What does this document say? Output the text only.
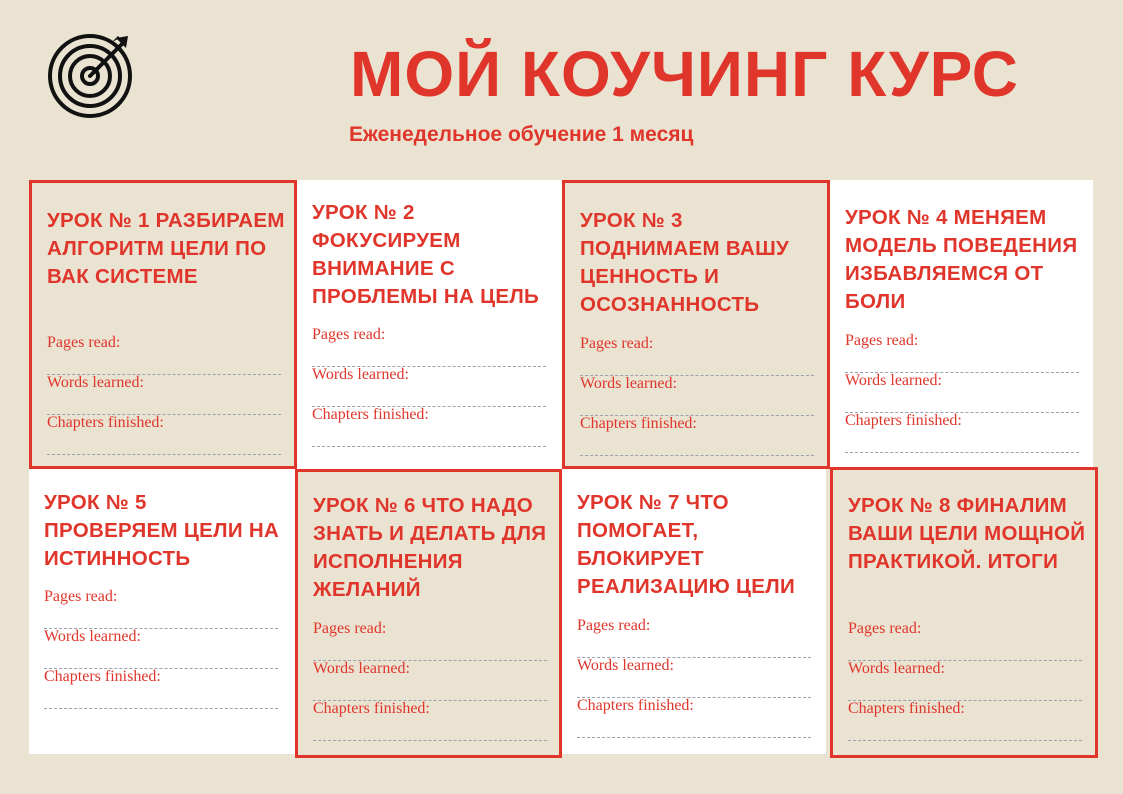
МОЙ КОУЧИНГ КУРС
Еженедельное обучение 1 месяц
УРОК № 1 РАЗБИРАЕМ АЛГОРИТМ ЦЕЛИ ПО ВАК СИСТЕМЕ
Pages read:
Words learned:
Chapters finished:
УРОК № 2 ФОКУСИРУЕМ ВНИМАНИЕ С ПРОБЛЕМЫ НА ЦЕЛЬ
Pages read:
Words learned:
Chapters finished:
УРОК № 3 ПОДНИМАЕМ ВАШУ ЦЕННОСТЬ И ОСОЗНАННОСТЬ
Pages read:
Words learned:
Chapters finished:
УРОК № 4 МЕНЯЕМ МОДЕЛЬ ПОВЕДЕНИЯ ИЗБАВЛЯЕМСЯ ОТ БОЛИ
Pages read:
Words learned:
Chapters finished:
УРОК № 5 ПРОВЕРЯЕМ ЦЕЛИ НА ИСТИННОСТЬ
Pages read:
Words learned:
Chapters finished:
УРОК № 6 ЧТО НАДО ЗНАТЬ И ДЕЛАТЬ ДЛЯ ИСПОЛНЕНИЯ ЖЕЛАНИЙ
Pages read:
Words learned:
Chapters finished:
УРОК № 7 ЧТО ПОМОГАЕТ, БЛОКИРУЕТ РЕАЛИЗАЦИЮ ЦЕЛИ
Pages read:
Words learned:
Chapters finished:
УРОК № 8 ФИНАЛИМ ВАШИ ЦЕЛИ МОЩНОЙ ПРАКТИКОЙ. ИТОГИ
Pages read:
Words learned:
Chapters finished:
